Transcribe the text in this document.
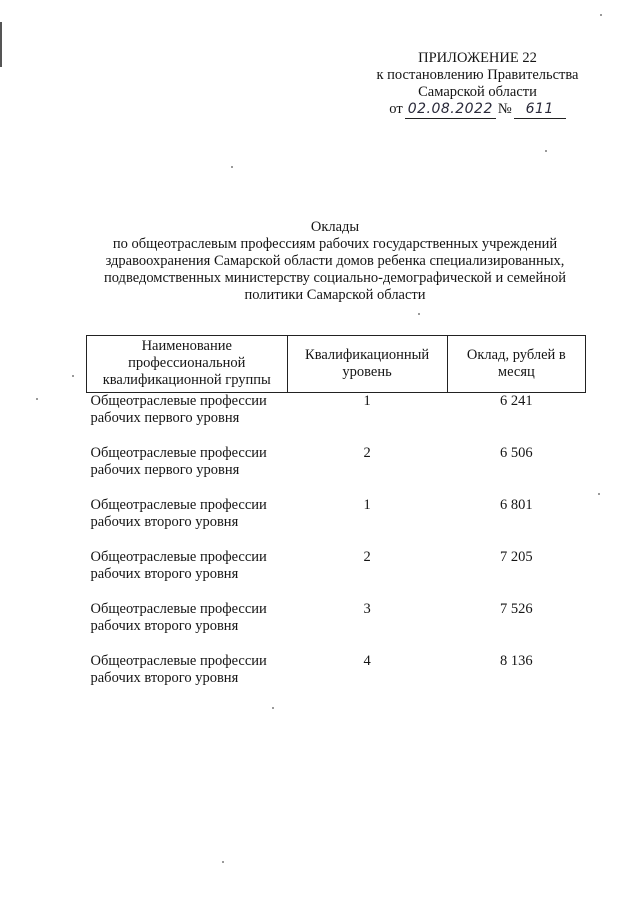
ПРИЛОЖЕНИЕ 22
к постановлению Правительства
Самарской области
от 02.08.2022 № 611
Оклады
по общеотраслевым профессиям рабочих государственных учреждений
здравоохранения Самарской области домов ребенка специализированных,
подведомственных министерству социально-демографической и семейной
политики Самарской области
Наименование профессиональной квалификационной группы	Квалификационный уровень	Оклад, рублей в месяц
Общеотраслевые профессии
рабочих первого уровня	1	6 241
Общеотраслевые профессии
рабочих первого уровня	2	6 506
Общеотраслевые профессии
рабочих второго уровня	1	6 801
Общеотраслевые профессии
рабочих второго уровня	2	7 205
Общеотраслевые профессии
рабочих второго уровня	3	7 526
Общеотраслевые профессии
рабочих второго уровня	4	8 136
